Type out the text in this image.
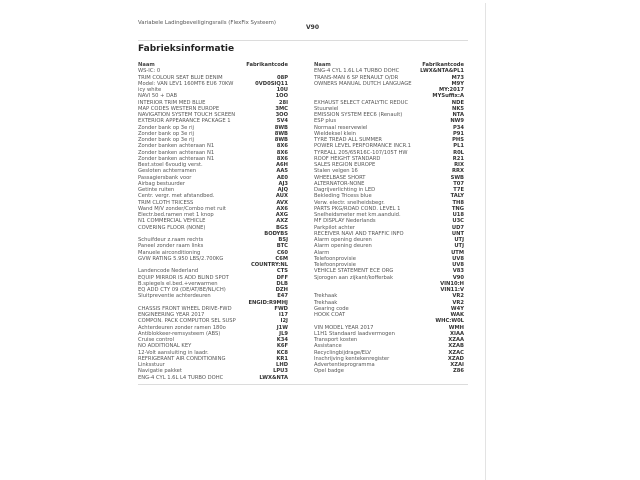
Variabele Ladingbeveiligingsrails (FlexFix Systeem)
V90
Fabrieksinformatie
Naam	Fabrikantcode
WS-IC: 0
TRIM COLOUR SEAT BLUE DENIM	08P
Model: VAN LEV1 160MT6 EU6 70KW	0VD0SIQ11
icy white	10U
NAVI 50 + DAB	1OO
INTERIOR TRIM MED BLUE	28I
MAP CODES WESTERN EUROPE	3MC
NAVIGATION SYSTEM TOUCH SCREEN	3OO
EXTERIOR APPEARANCE PACKAGE 1	5V4
Zonder bank op 3e rij	8WB
Zonder bank op 3e rij	8WB
Zonder bank op 3e rij	8WB
Zonder banken achteraan N1	8X6
Zonder banken achteraan N1	8X6
Zonder banken achteraan N1	8X6
Best.stoel 6voudig verst.	A6H
Gesloten achterramen	AA5
Passagiersbank voor	AE0
Airbag bestuurder	AJ3
Getinte ruiten	AJQ
Centr. vergr. met afstandbed.	AUX
TRIM CLOTH TRICESS	AVX
Wand M/V zonder/Combo met ruit	AX6
Electr.bed.ramen met 1 knop	AXG
N1 COMMERCIAL VEHICLE	AXZ
COVERING FLOOR (NONE)	BGS
BODYBS
Schuifdeur z.raam rechts	BSJ
Paneel zonder raam links	BTC
Manuele airconditioning	C60
GVW RATING 5.950 LBS/2.700KG	C6M
COUNTRY:NL
Landencode Nederland	CTS
EQUIP MIRROR IS ADD BLIND SPOT	DFF
B.spiegels el.bed.+verwarmen	DLB
EQ ADD CTY 09 (DE/AT/BE/NL/CH)	DZH
Sluitpreventie achterdeuren	E47
ENGID:R9MHJ
CHASSIS FRONT WHEEL DRIVE-FWD	FWD
ENGINEERING YEAR 2017	I17
COMPON. PACK COMPUTOR SEL SUSP	I2J
Achterdeuren zonder ramen 180o	J1W
Antiblokkeer-remsysteem (ABS)	JL9
Cruise control	K34
NO ADDITIONAL KEY	K6F
12-Volt aansluiting in laadr.	KC8
REFRIGERANT AIR CONDITIONING	KR1
Linksstuur	LHD
Navigatie pakket	LPU3
ENG-4 CYL 1.6L L4 TURBO DOHC	LWX&NTA
Naam	Fabrikantcode
ENG-4 CYL 1.6L L4 TURBO DOHC	LWX&NTA&PL1
TRANS-MAN 6 SP RENAULT O/DR	M73
OWNERS MANUAL DUTCH LANGUAGE	M9Y
MY:2017
MYSuffix:A
EXHAUST SELECT CATALYTIC REDUC	NDE
Stuurwiel	NK5
EMISSION SYSTEM EEC6 (Renault)	NTA
ESP plus	NW9
Normaal reservewiel	P34
Wieldeksel klein	P91
TYRE TREAD ALL SUMMER	PHS
POWER LEVEL PERFORMANCE INCR.1	PL1
TYREALL 205/65R16C-107/105T HW	R0L
ROOF HEIGHT STANDARD	R21
SALES REGION EUROPE	RIX
Stalen velgen 16	RRX
WHEELBASE SHORT	SWB
ALTERNATOR-NONE	T07
Dagrijverlichting in LED	T7E
Bekleding Tricess blue	TALY
Verw. electr. snelheidsbegr.	TH8
PARTS PKG/ROAD COND. LEVEL 1	TNG
Snelheidsmeter met km.aanduid.	U18
MF DISPLAY Nederlands	U3C
Parkpilot achter	UD7
RECEIVER NAVI AND TRAFFIC INFO	UNT
Alarm opening deuren	UTJ
Alarm opening deuren	UTJ
Alarm	UTM
Telefoonprovisie	UV8
Telefoonprovisie	UV8
VEHICLE STATEMENT ECE ORG	V83
Sjorogen aan zijkant/kofferbak	V90
VIN10:H
VIN11:V
Trekhaak	VR2
Trekhaak	VR2
Gearing code	W4Y
HOOK COAT	WAK
WHC:W0L
VIN MODEL YEAR 2017	WMH
L1H1 Standaard laadvermogen	XIAA
Transport kosten	XZAA
Assistance	XZAB
Recyclingbijdrage/ELV	XZAC
Inschrijving kentekenregister	XZAD
Advertentieprogramma	XZAI
Opel badge	Z86
